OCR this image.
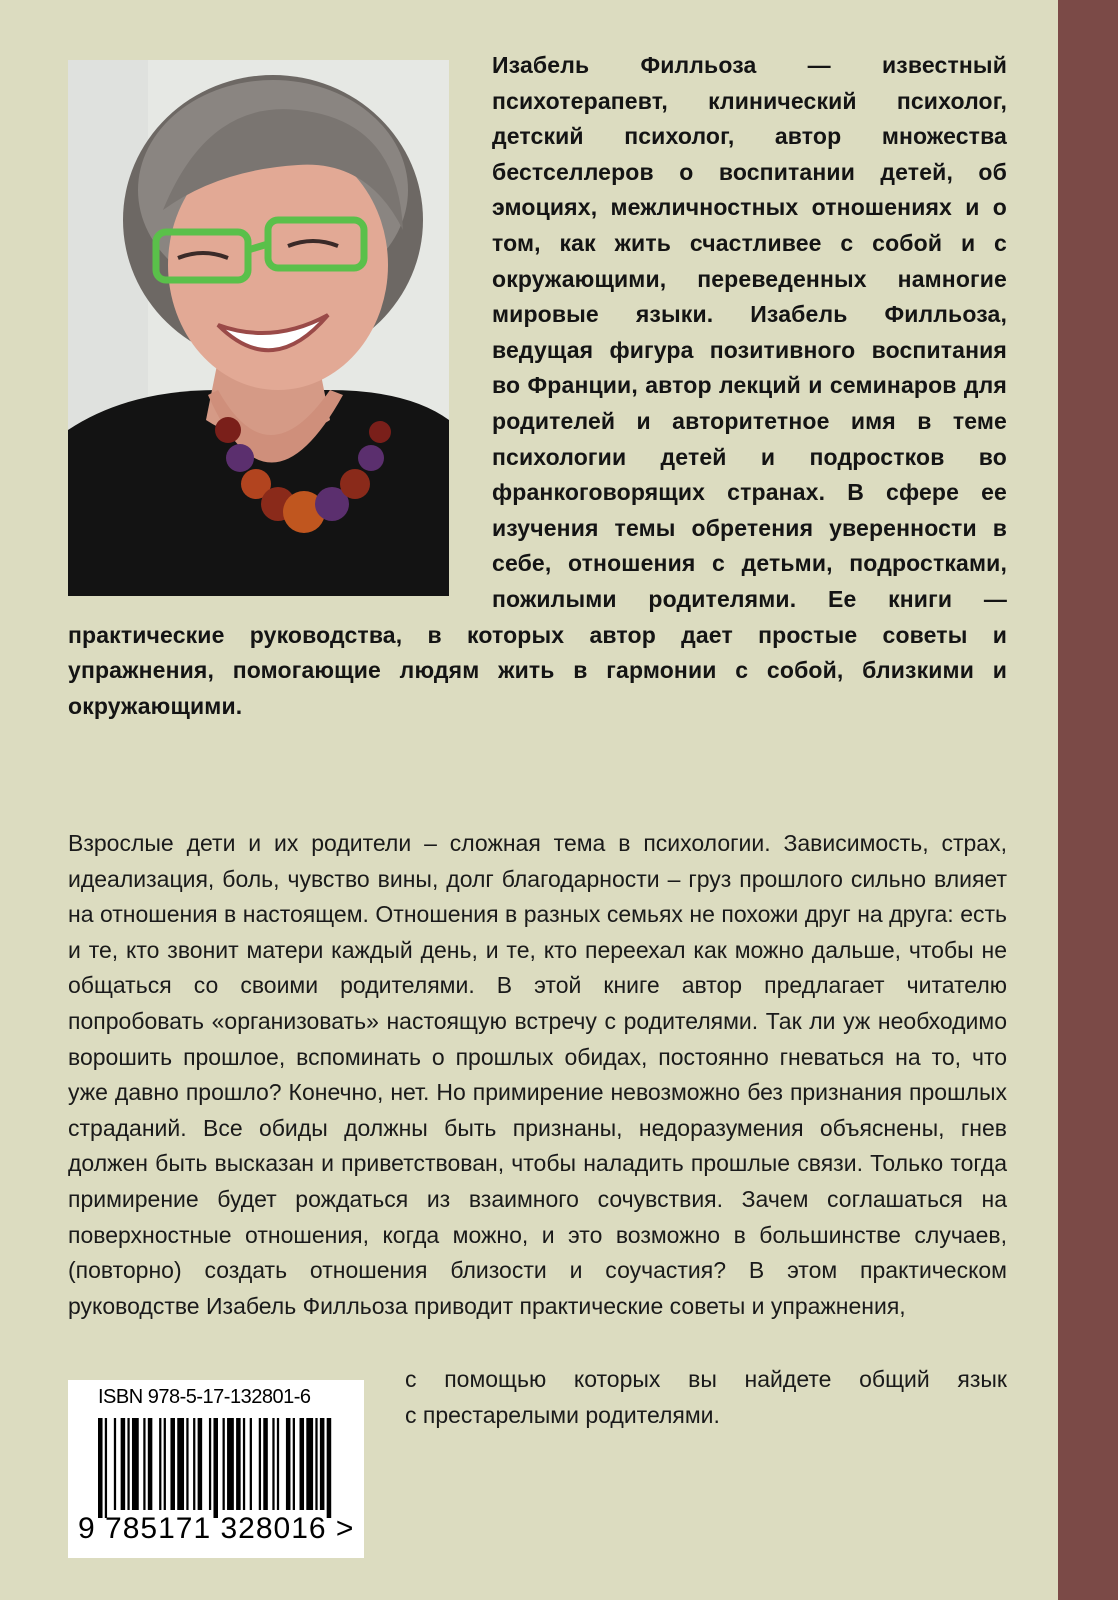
Изабель Филльоза — известный психотерапевт, клинический психолог, детский психолог, автор множества бестселлеров о воспитании детей, об эмоциях, межличностных отношениях и о том, как жить счастливее с собой и с окружающими, переведенных намногие мировые языки. Изабель Филльоза, ведущая фигура позитивного воспитания во Франции, автор лекций и семинаров для родителей и авторитетное имя в теме психологии детей и подростков во франкоговорящих странах. В сфере ее изучения темы обретения уверенности в себе, отношения с детьми, подростками, пожилыми родителями. Ее книги — практические руководства, в которых автор дает простые советы и упражнения, помогающие людям жить в гармонии с собой, близкими и окружающими.

Взрослые дети и их родители – сложная тема в психологии. Зависимость, страх, идеализация, боль, чувство вины, долг благодарности – груз прошлого сильно влияет на отношения в настоящем. Отношения в разных семьях не похожи друг на друга: есть и те, кто звонит матери каждый день, и те, кто переехал как можно дальше, чтобы не общаться со своими родителями. В этой книге автор предлагает читателю попробовать «организовать» настоящую встречу с родителями. Так ли уж необходимо ворошить прошлое, вспоминать о прошлых обидах, постоянно гневаться на то, что уже давно прошло? Конечно, нет. Но примирение невозможно без признания прошлых страданий. Все обиды должны быть признаны, недоразумения объяснены, гнев должен быть высказан и приветствован, чтобы наладить прошлые связи. Только тогда примирение будет рождаться из взаимного сочувствия. Зачем соглашаться на поверхностные отношения, когда можно, и это возможно в большинстве случаев, (повторно) создать отношения близости и соучастия? В этом практическом руководстве Изабель Филльоза приводит практические советы и упражнения,

с помощью которых вы найдете общий язык
с престарелыми родителями.
ISBN 978-5-17-132801-6
9 785171 328016 >
